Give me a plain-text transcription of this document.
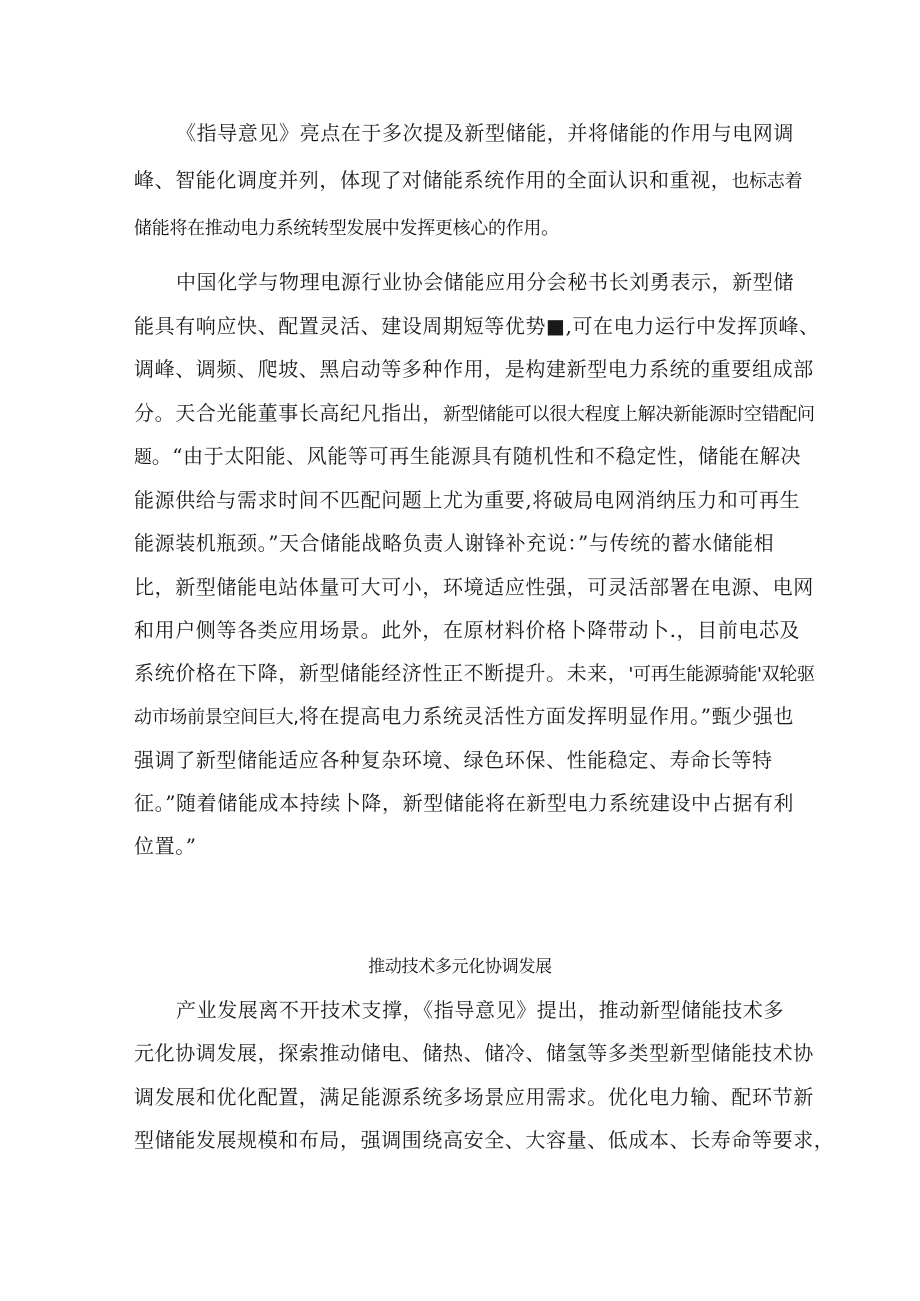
《指导意见》亮点在于多次提及新型储能，并将储能的作用与电网调
峰、智能化调度并列，体现了对储能系统作用的全面认识和重视，也标志着
储能将在推动电力系统转型发展中发挥更核心的作用。
中国化学与物理电源行业协会储能应用分会秘书长刘勇表示，新型储
能具有响应快、配置灵活、建设周期短等优势■,可在电力运行中发挥顶峰、
调峰、调频、爬坡、黑启动等多种作用，是构建新型电力系统的重要组成部
分。天合光能董事长高纪凡指出，新型储能可以很大程度上解决新能源时空错配问
题。“由于太阳能、风能等可再生能源具有随机性和不稳定性，储能在解决
能源供给与需求时间不匹配问题上尤为重要,将破局电网消纳压力和可再生
能源装机瓶颈。”天合储能战略负责人谢锋补充说：”与传统的蓄水储能相
比，新型储能电站体量可大可小，环境适应性强，可灵活部署在电源、电网
和用户侧等各类应用场景。此外，在原材料价格卜降带动卜.，目前电芯及
系统价格在下降，新型储能经济性正不断提升。未来，'可再生能源骑能'双轮驱
动市场前景空间巨大,将在提高电力系统灵活性方面发挥明显作用。”甄少强也
强调了新型储能适应各种复杂环境、绿色环保、性能稳定、寿命长等特
征。”随着储能成本持续卜降，新型储能将在新型电力系统建设中占据有利
位置。”
推动技术多元化协调发展
产业发展离不开技术支撑，《指导意见》提出，推动新型储能技术多
元化协调发展，探索推动储电、储热、储冷、储氢等多类型新型储能技术协
调发展和优化配置，满足能源系统多场景应用需求。优化电力输、配环节新
型储能发展规模和布局，强调围绕高安全、大容量、低成本、长寿命等要求，
